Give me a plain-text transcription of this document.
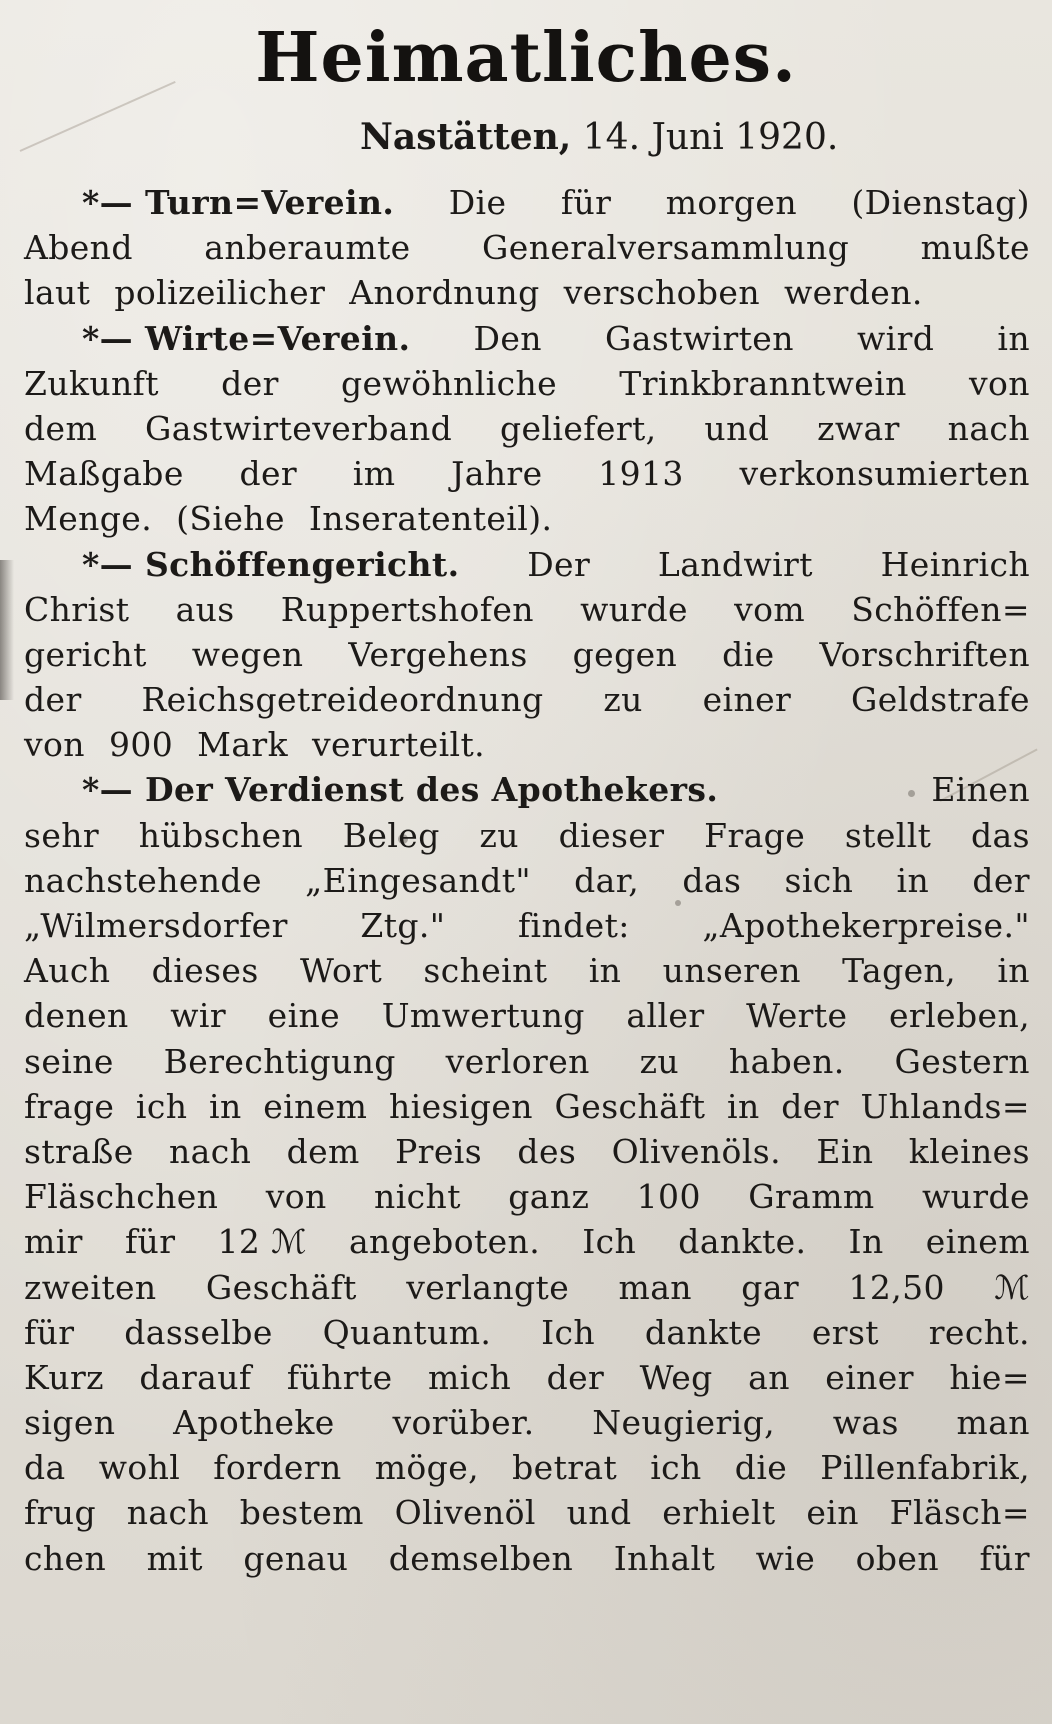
Heimatliches.

Nastätten, 14. Juni 1920.

*— Turn=Verein. Die für morgen (Dienstag)
Abend anberaumte Generalversammlung mußte
laut polizeilicher Anordnung verschoben werden.
*— Wirte=Verein. Den Gastwirten wird in
Zukunft der gewöhnliche Trinkbranntwein von
dem Gastwirteverband geliefert, und zwar nach
Maßgabe der im Jahre 1913 verkonsumierten
Menge. (Siehe Inseratenteil).
*— Schöffengericht. Der Landwirt Heinrich
Christ aus Ruppertshofen wurde vom Schöffen=
gericht wegen Vergehens gegen die Vorschriften
der Reichsgetreideordnung zu einer Geldstrafe
von 900 Mark verurteilt.
*— Der Verdienst des Apothekers.	Einen
sehr hübschen Beleg zu dieser Frage stellt das
nachstehende „Eingesandt" dar, das sich in der
„Wilmersdorfer Ztg." findet: „Apothekerpreise."
Auch dieses Wort scheint in unseren Tagen, in
denen wir eine Umwertung aller Werte erleben,
seine Berechtigung verloren zu haben. Gestern
frage ich in einem hiesigen Geschäft in der Uhlands=
straße nach dem Preis des Olivenöls. Ein kleines
Fläschchen von nicht ganz 100 Gramm wurde
mir für 12 ℳ angeboten. Ich dankte. In einem
zweiten Geschäft verlangte man gar 12,50 ℳ
für dasselbe Quantum. Ich dankte erst recht.
Kurz darauf führte mich der Weg an einer hie=
sigen Apotheke vorüber. Neugierig, was man
da wohl fordern möge, betrat ich die Pillenfabrik,
frug nach bestem Olivenöl und erhielt ein Fläsch=
chen mit genau demselben Inhalt wie oben für
